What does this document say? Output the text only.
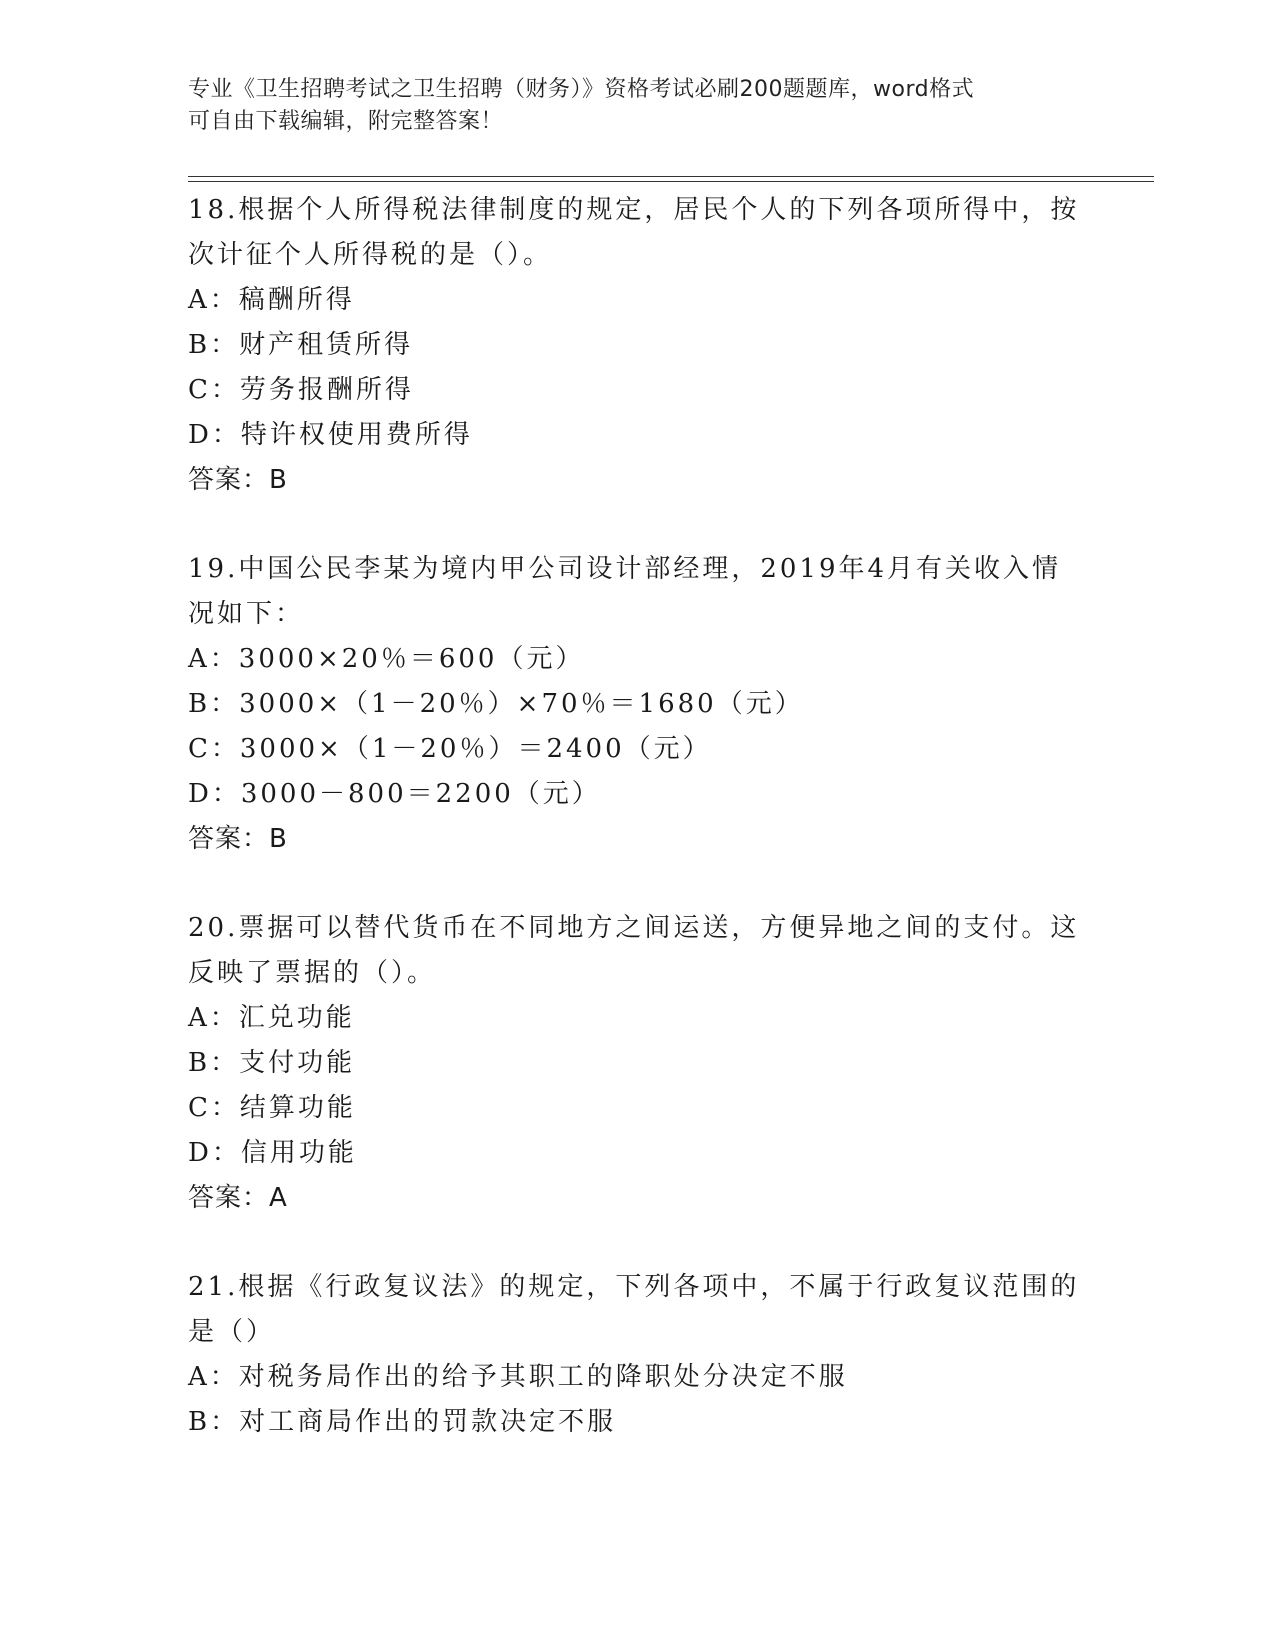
专业《卫生招聘考试之卫生招聘（财务）》资格考试必刷200题题库，word格式
可自由下载编辑，附完整答案！

18.根据个人所得税法律制度的规定，居民个人的下列各项所得中，按次计征个人所得税的是（）。

A：稿酬所得

B：财产租赁所得

C：劳务报酬所得

D：特许权使用费所得

答案：B

19.中国公民李某为境内甲公司设计部经理，2019年4月有关收入情况如下：

A：3000×20％＝600（元）

B：3000×（1－20％）×70％＝1680（元）

C：3000×（1－20％）＝2400（元）

D：3000－800＝2200（元）

答案：B

20.票据可以替代货币在不同地方之间运送，方便异地之间的支付。这反映了票据的（）。

A：汇兑功能

B：支付功能

C：结算功能

D：信用功能

答案：A

21.根据《行政复议法》的规定，下列各项中，不属于行政复议范围的是（）

A：对税务局作出的给予其职工的降职处分决定不服

B：对工商局作出的罚款决定不服
